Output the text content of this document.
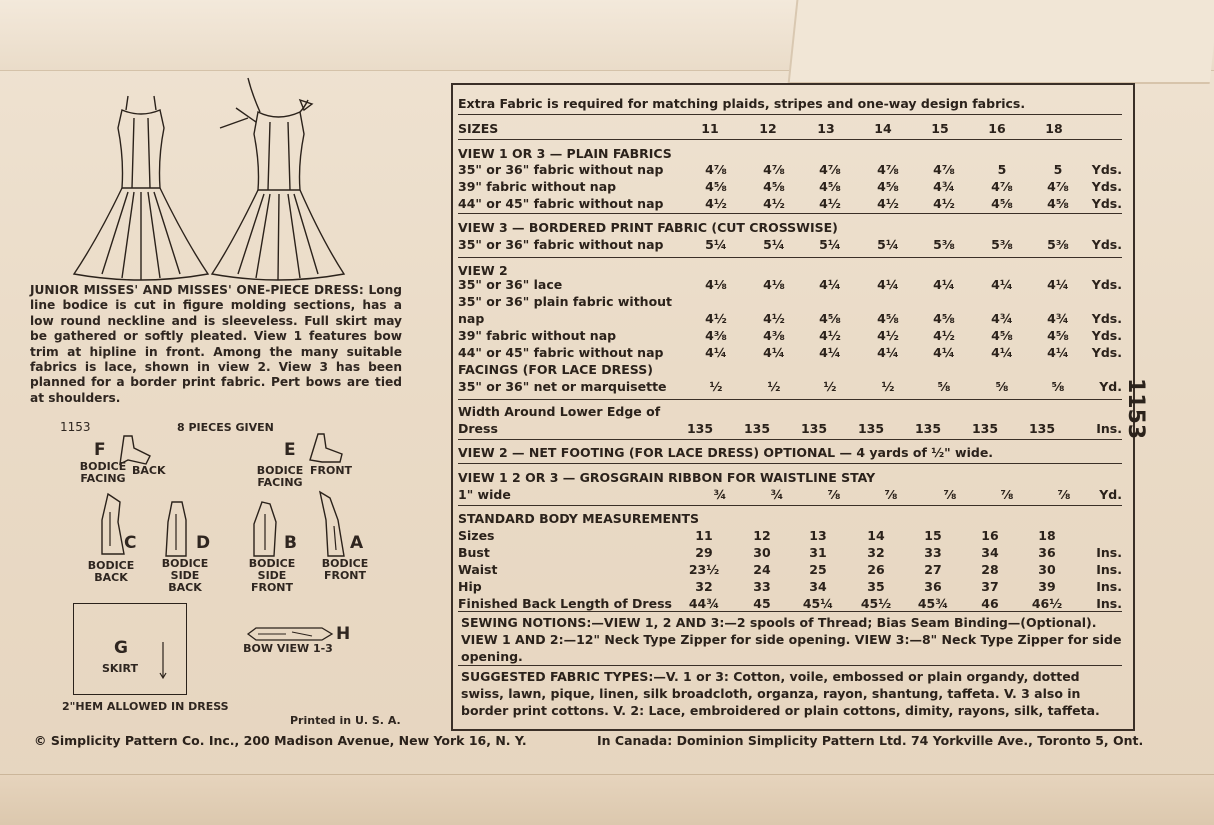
JUNIOR MISSES' AND MISSES' ONE-PIECE DRESS: Long line bodice is cut in figure molding sections, has a low round neckline and is sleeveless. Full skirt may be gathered or softly pleated. View 1 features bow trim at hipline in front. Among the many suitable fabrics is lace, shown in view 2. View 3 has been planned for a border print fabric. Pert bows are tied at shoulders.
1153	8 PIECES GIVEN
F
BODICE FACING
BACK
E
BODICE FACING
FRONT
C
BODICE BACK
D
BODICE SIDE BACK
B
BODICE SIDE FRONT
A
BODICE FRONT
G
SKIRT
2"HEM ALLOWED IN DRESS
H
BOW VIEW 1-3
Printed in U. S. A.
© Simplicity Pattern Co. Inc., 200 Madison Avenue, New York 16, N. Y.	In Canada: Dominion Simplicity Pattern Ltd. 74 Yorkville Ave., Toronto 5, Ont.
Extra Fabric is required for matching plaids, stripes and one-way design fabrics.
SIZES	11	12	13	14	15	16	18
VIEW 1 OR 3 — PLAIN FABRICS
35" or 36" fabric without nap	4⅞	4⅞	4⅞	4⅞	4⅞	5	5	Yds.
39" fabric without nap	4⅝	4⅝	4⅝	4⅝	4¾	4⅞	4⅞	Yds.
44" or 45" fabric without nap	4½	4½	4½	4½	4½	4⅝	4⅝	Yds.
VIEW 3 — BORDERED PRINT FABRIC (CUT CROSSWISE)
35" or 36" fabric without nap	5¼	5¼	5¼	5¼	5⅜	5⅜	5⅜	Yds.
VIEW 2
35" or 36" lace	4⅛	4⅛	4¼	4¼	4¼	4¼	4¼	Yds.
35" or 36" plain fabric without
nap	4½	4½	4⅝	4⅝	4⅝	4¾	4¾	Yds.
39" fabric without nap	4⅜	4⅜	4½	4½	4½	4⅝	4⅝	Yds.
44" or 45" fabric without nap	4¼	4¼	4¼	4¼	4¼	4¼	4¼	Yds.
FACINGS (FOR LACE DRESS)
35" or 36" net or marquisette	½	½	½	½	⅝	⅝	⅝	Yd.
Width Around Lower Edge of
Dress	135	135	135	135	135	135	135	Ins.
VIEW 2 — NET FOOTING (FOR LACE DRESS) OPTIONAL — 4 yards of ½" wide.
VIEW 1 2 OR 3 — GROSGRAIN RIBBON FOR WAISTLINE STAY
1" wide	¾	¾	⅞	⅞	⅞	⅞	⅞	Yd.
STANDARD BODY MEASUREMENTS
Sizes	11	12	13	14	15	16	18
Bust	29	30	31	32	33	34	36	Ins.
Waist	23½	24	25	26	27	28	30	Ins.
Hip	32	33	34	35	36	37	39	Ins.
Finished Back Length of Dress	44¾	45	45¼	45½	45¾	46	46½	Ins.
SEWING NOTIONS:—VIEW 1, 2 AND 3:—2 spools of Thread; Bias Seam Binding—(Optional). VIEW 1 AND 2:—12" Neck Type Zipper for side opening. VIEW 3:—8" Neck Type Zipper for side opening.
SUGGESTED FABRIC TYPES:—V. 1 or 3: Cotton, voile, embossed or plain organdy, dotted swiss, lawn, pique, linen, silk broadcloth, organza, rayon, shantung, taffeta. V. 3 also in border print cottons. V. 2: Lace, embroidered or plain cottons, dimity, rayons, silk, taffeta.
1153
